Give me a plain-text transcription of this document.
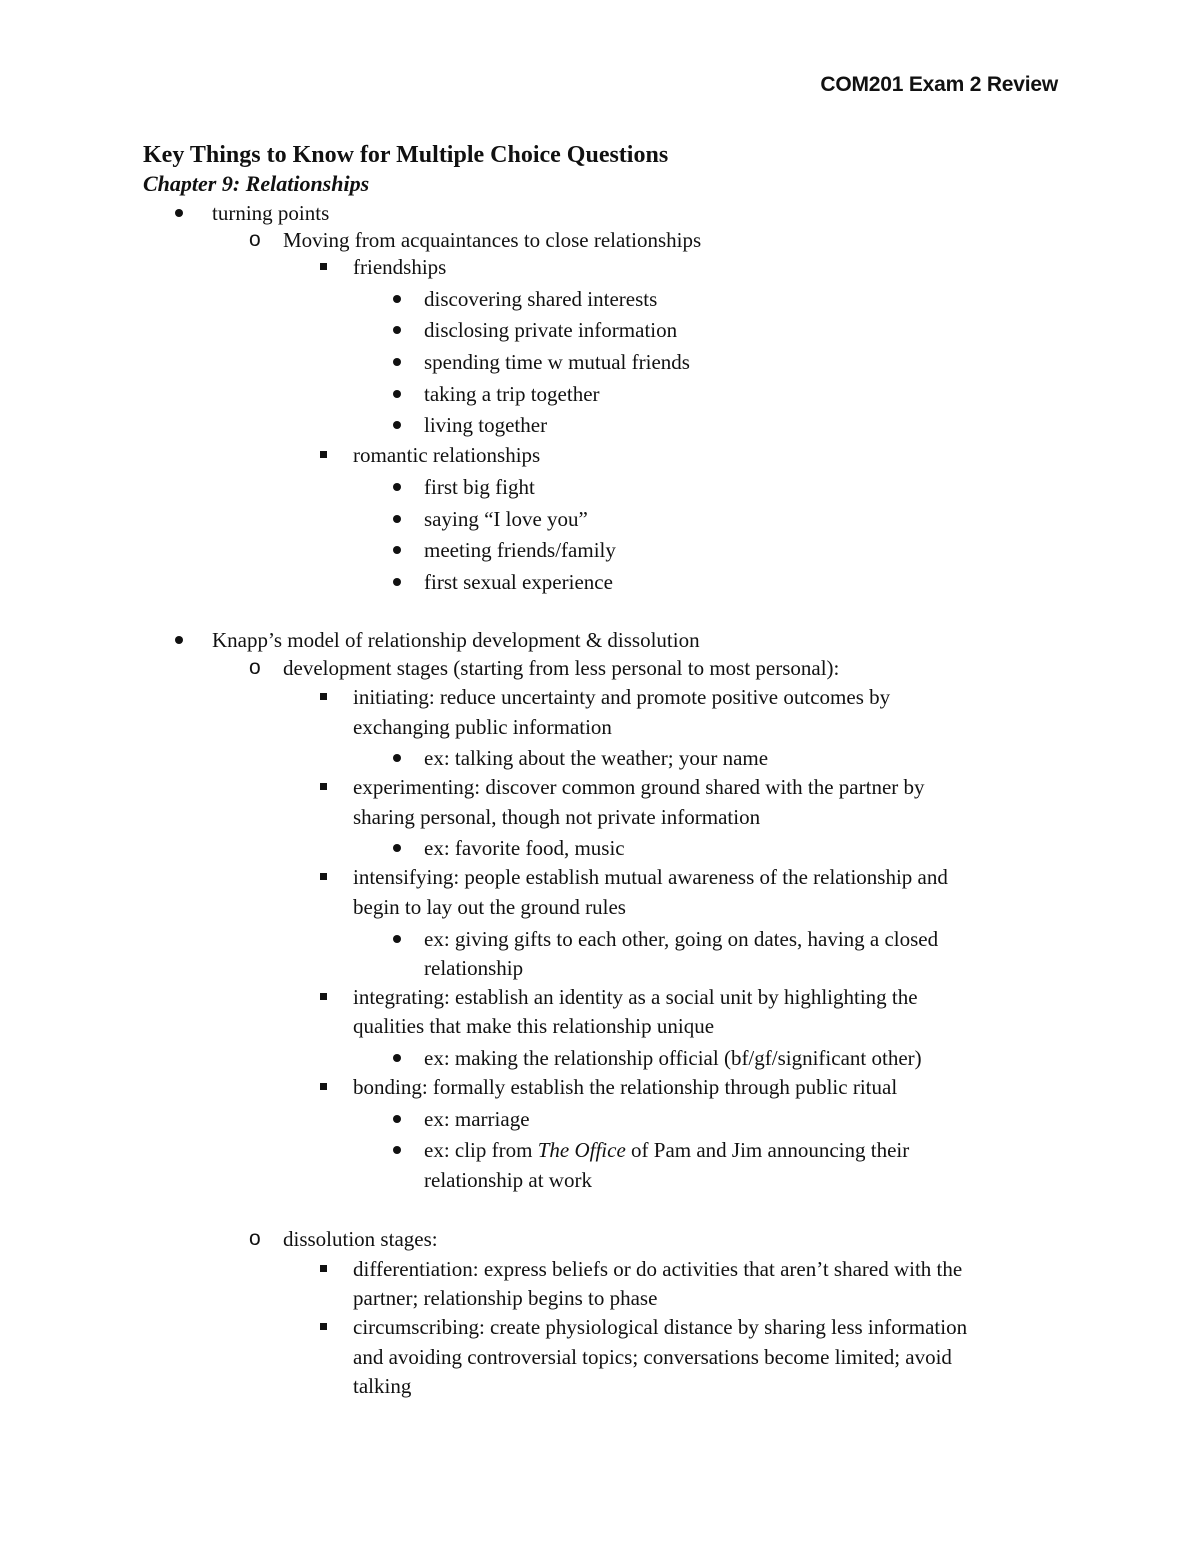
COM201 Exam 2 Review
Key Things to Know for Multiple Choice Questions
Chapter 9: Relationships

turning points

o Moving from acquaintances to close relationships

friendships

discovering shared interests

disclosing private information

spending time w mutual friends

taking a trip together

living together

romantic relationships

first big fight

saying “I love you”

meeting friends/family

first sexual experience

Knapp’s model of relationship development & dissolution

o development stages (starting from less personal to most personal):

initiating: reduce uncertainty and promote positive outcomes by

exchanging public information

ex: talking about the weather; your name

experimenting: discover common ground shared with the partner by

sharing personal, though not private information

ex: favorite food, music

intensifying: people establish mutual awareness of the relationship and

begin to lay out the ground rules

ex: giving gifts to each other, going on dates, having a closed

relationship

integrating: establish an identity as a social unit by highlighting the

qualities that make this relationship unique

ex: making the relationship official (bf/gf/significant other)

bonding: formally establish the relationship through public ritual

ex: marriage

ex: clip from The Office of Pam and Jim announcing their

relationship at work

o dissolution stages:

differentiation: express beliefs or do activities that aren’t shared with the

partner; relationship begins to phase

circumscribing: create physiological distance by sharing less information

and avoiding controversial topics; conversations become limited; avoid

talking
